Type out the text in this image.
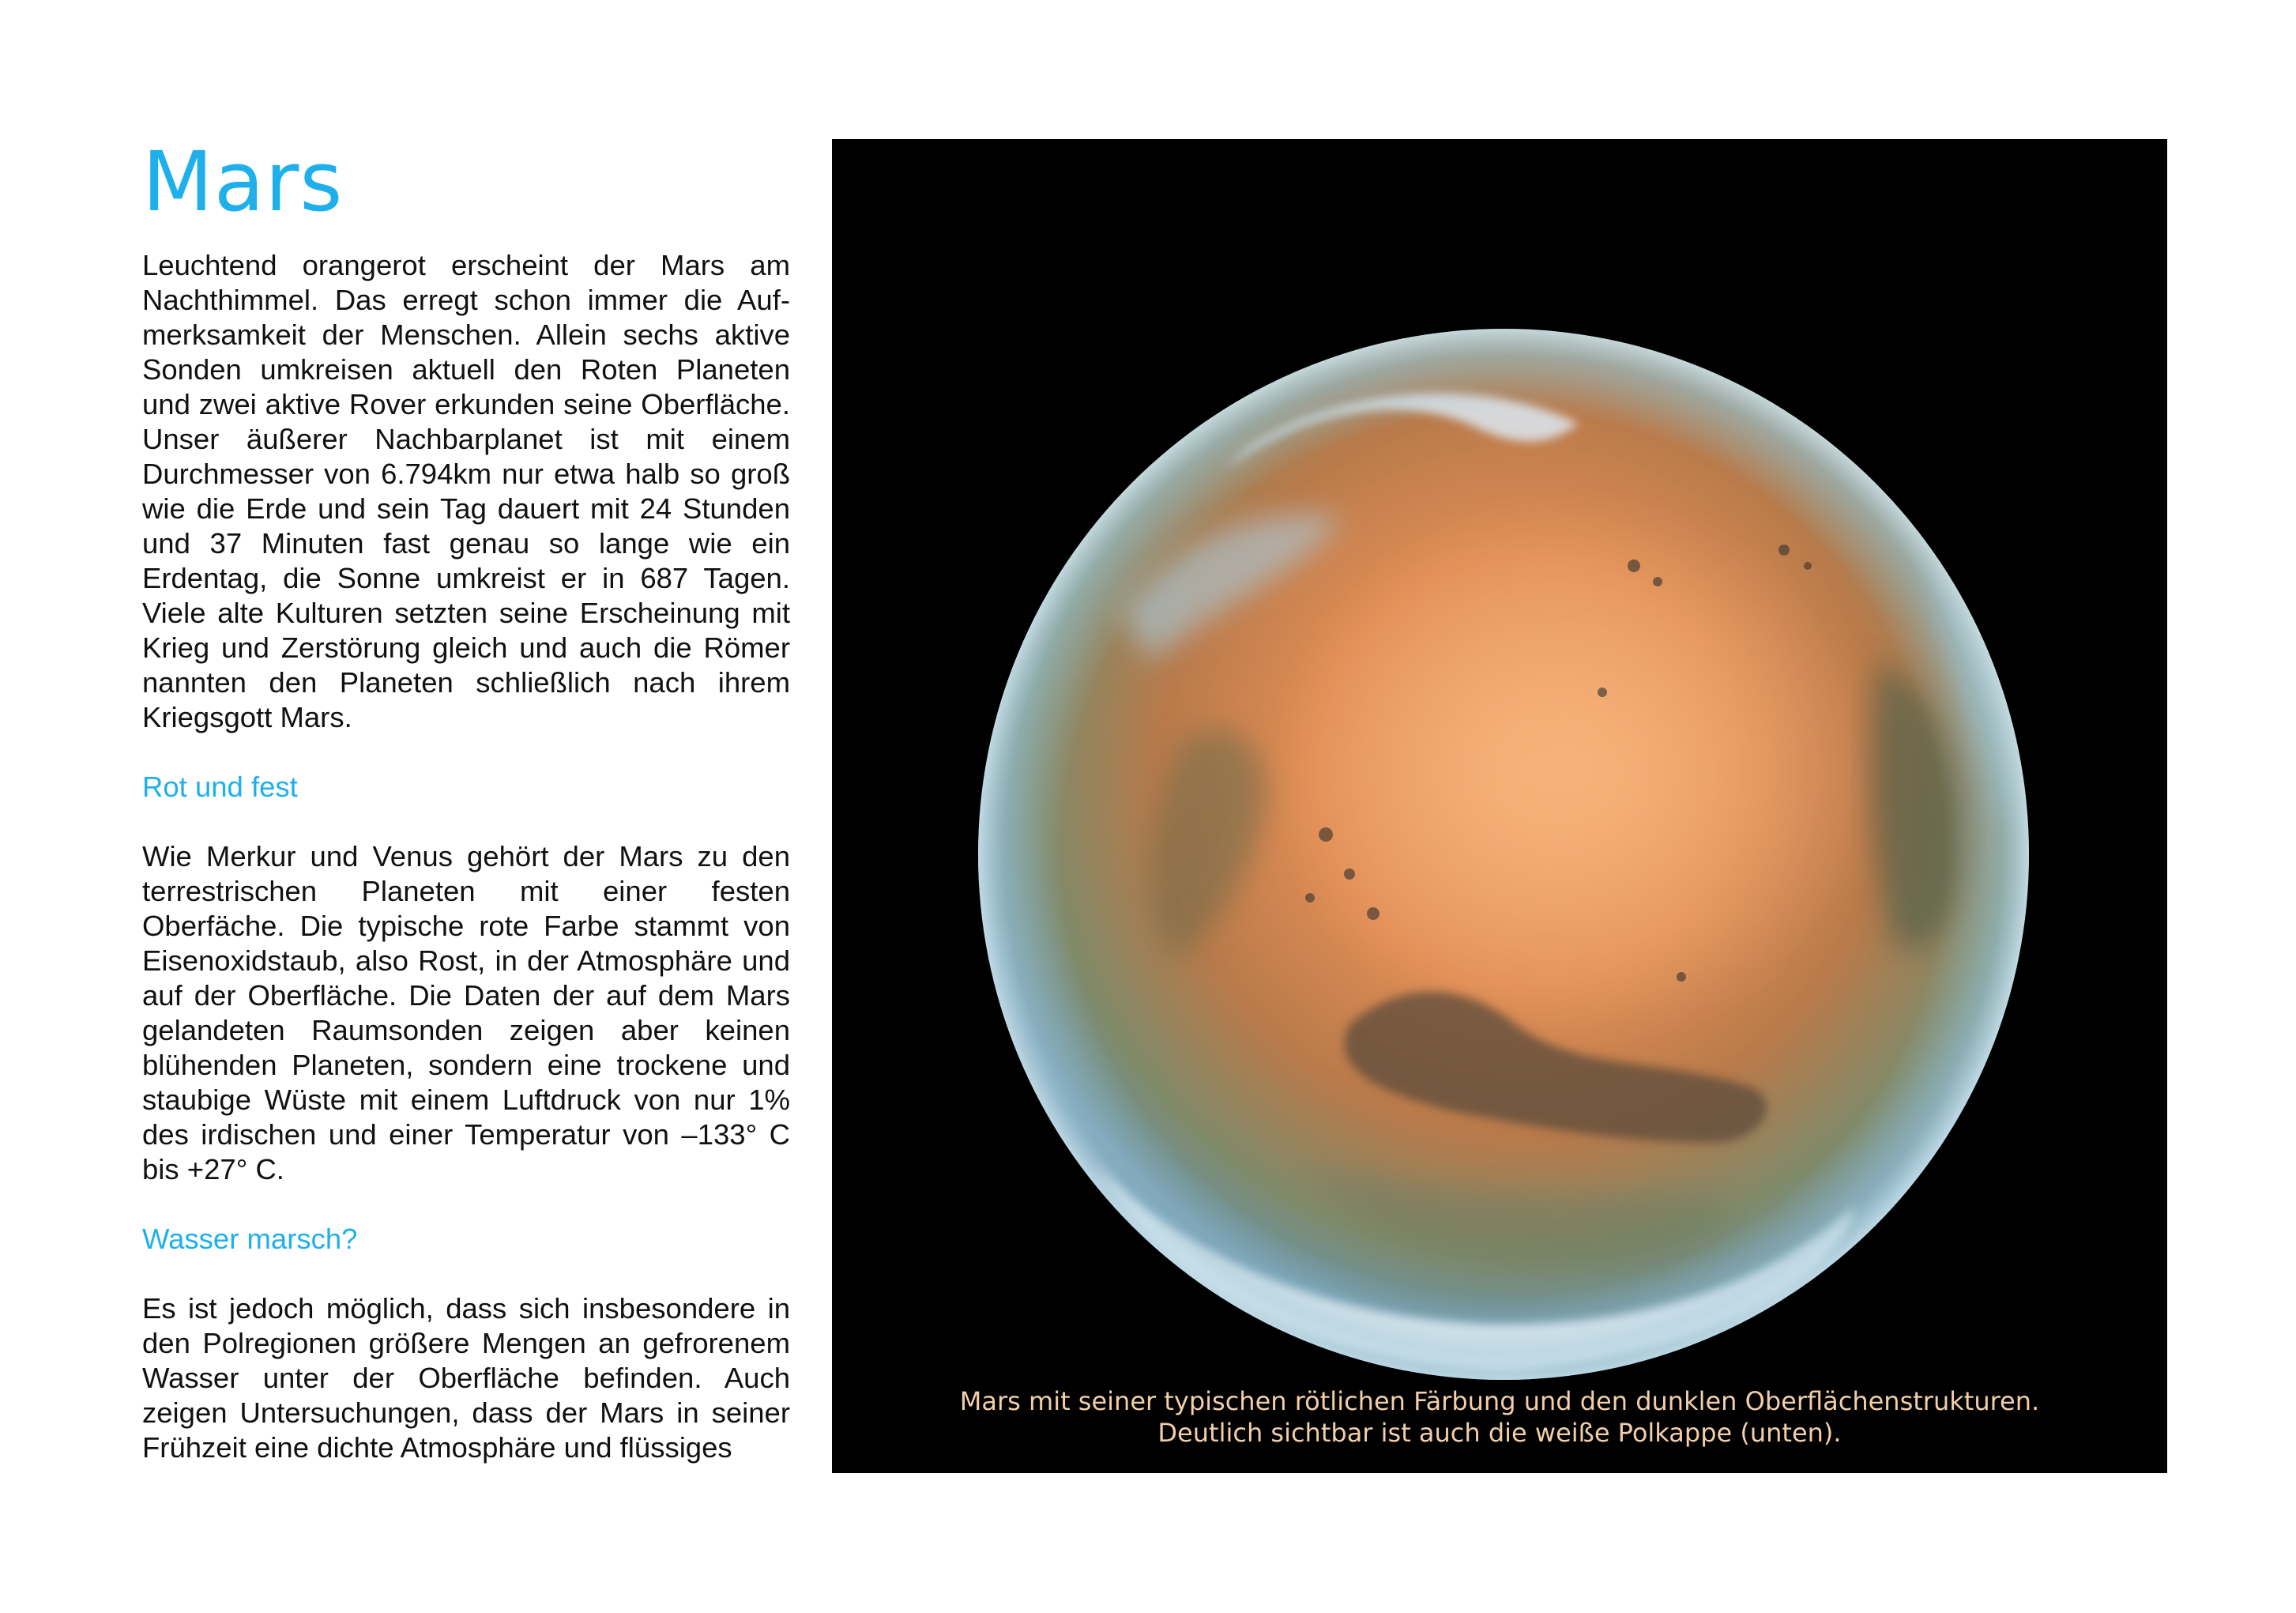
Mars

Leuchtend orangerot erscheint der Mars am Nachthimmel. Das erregt schon immer die Aufmerksamkeit der Menschen. Allein sechs aktive Sonden umkreisen aktuell den Roten Planeten und zwei aktive Rover erkunden seine Oberfläche. Unser äußerer Nachbarplanet ist mit einem Durchmesser von 6.794km nur etwa halb so groß wie die Erde und sein Tag dauert mit 24 Stunden und 37 Minuten fast genau so lange wie ein Erdentag, die Sonne umkreist er in 687 Tagen. Viele alte Kulturen setzten seine Erscheinung mit Krieg und Zerstörung gleich und auch die Römer nannten den Planeten schließlich nach ihrem Kriegsgott Mars.

Rot und fest

Wie Merkur und Venus gehört der Mars zu den terrestrischen Planeten mit einer festen Oberfäche. Die typische rote Farbe stammt von Eisenoxidstaub, also Rost, in der Atmosphäre und auf der Oberfläche. Die Daten der auf dem Mars gelandeten Raumsonden zeigen aber keinen blühenden Planeten, sondern eine trockene und staubige Wüste mit einem Luftdruck von nur 1% des irdischen und einer Temperatur von –133° C bis +27° C.

Wasser marsch?

Es ist jedoch möglich, dass sich insbesondere in den Polregionen größere Mengen an gefrorenem Wasser unter der Oberfläche befinden. Auch zeigen Untersuchungen, dass der Mars in seiner Frühzeit eine dichte Atmosphäre und flüssiges

Mars mit seiner typischen rötlichen Färbung und den dunklen Oberflächenstrukturen.
Deutlich sichtbar ist auch die weiße Polkappe (unten).
